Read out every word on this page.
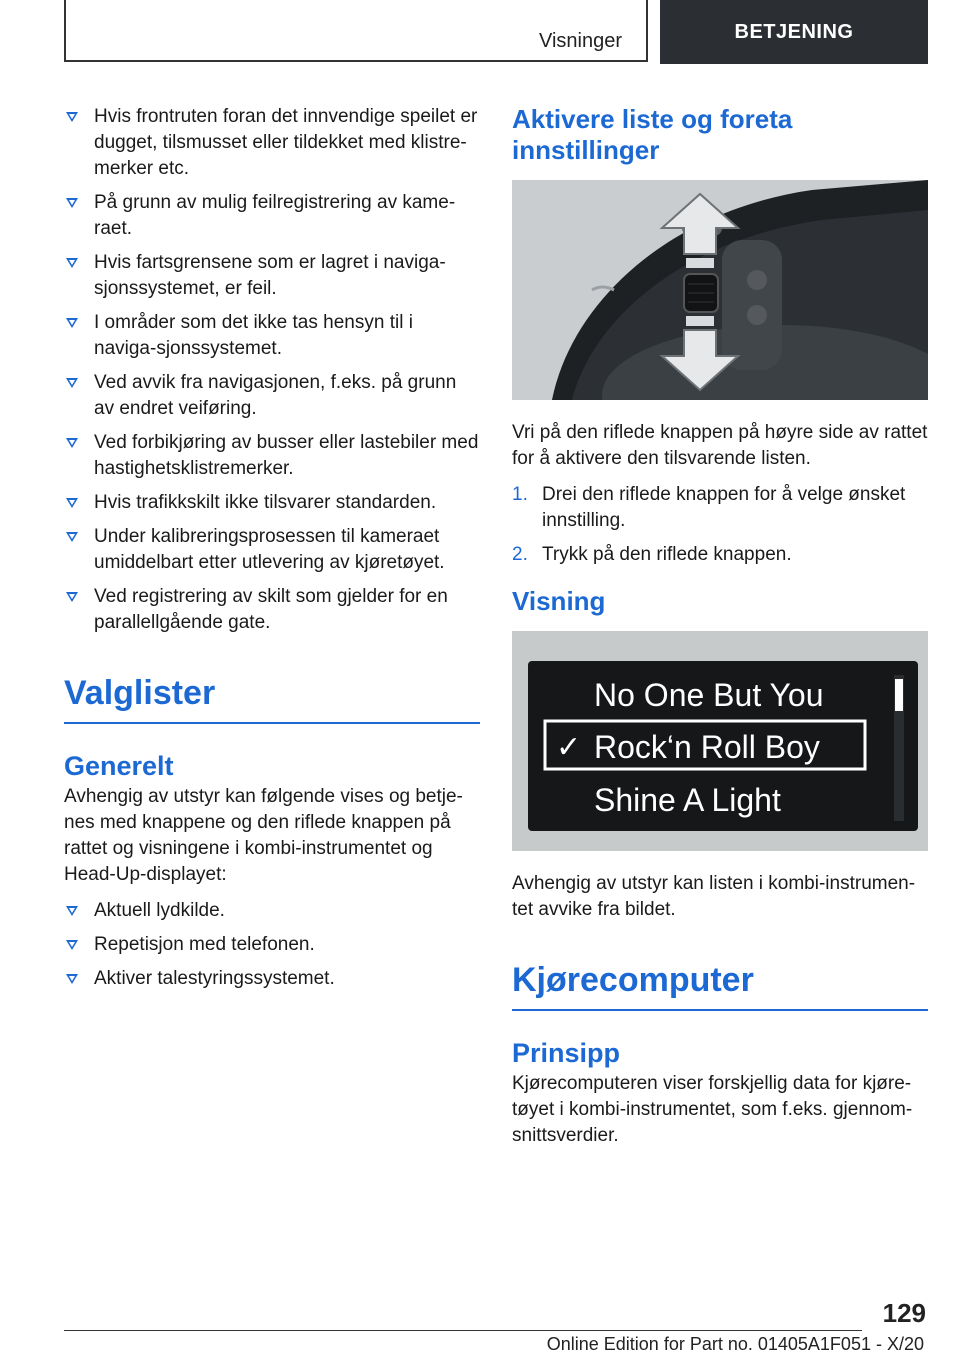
Visninger	BETJENING
Hvis frontruten foran det innvendige speilet er dugget, tilsmusset eller tildekket med klistre-merker etc.
På grunn av mulig feilregistrering av kame-raet.
Hvis fartsgrensene som er lagret i naviga-sjonssystemet, er feil.
I områder som det ikke tas hensyn til i naviga-sjonssystemet.
Ved avvik fra navigasjonen, f.eks. på grunn av endret veiføring.
Ved forbikjøring av busser eller lastebiler med hastighetsklistremerker.
Hvis trafikkskilt ikke tilsvarer standarden.
Under kalibreringsprosessen til kameraet umiddelbart etter utlevering av kjøretøyet.
Ved registrering av skilt som gjelder for en parallellgående gate.
Valglister
Generelt

Avhengig av utstyr kan følgende vises og betje-nes med knappene og den riflede knappen på rattet og visningene i kombi-instrumentet og Head-Up-displayet:

Aktuell lydkilde.
Repetisjon med telefonen.
Aktiver talestyringssystemet.
Aktivere liste og foreta innstillinger

Vri på den riflede knappen på høyre side av rattet for å aktivere den tilsvarende listen.

1. Drei den riflede knappen for å velge ønsket innstilling.
2. Trykk på den riflede knappen.
Visning
No One But You
✓ Rock‘n Roll Boy
Shine A Light

Avhengig av utstyr kan listen i kombi-instrumen-tet avvike fra bildet.

Kjørecomputer
Prinsipp

Kjørecomputeren viser forskjellig data for kjøre-tøyet i kombi-instrumentet, som f.eks. gjennom-snittsverdier.

129
Online Edition for Part no. 01405A1F051 - X/20
